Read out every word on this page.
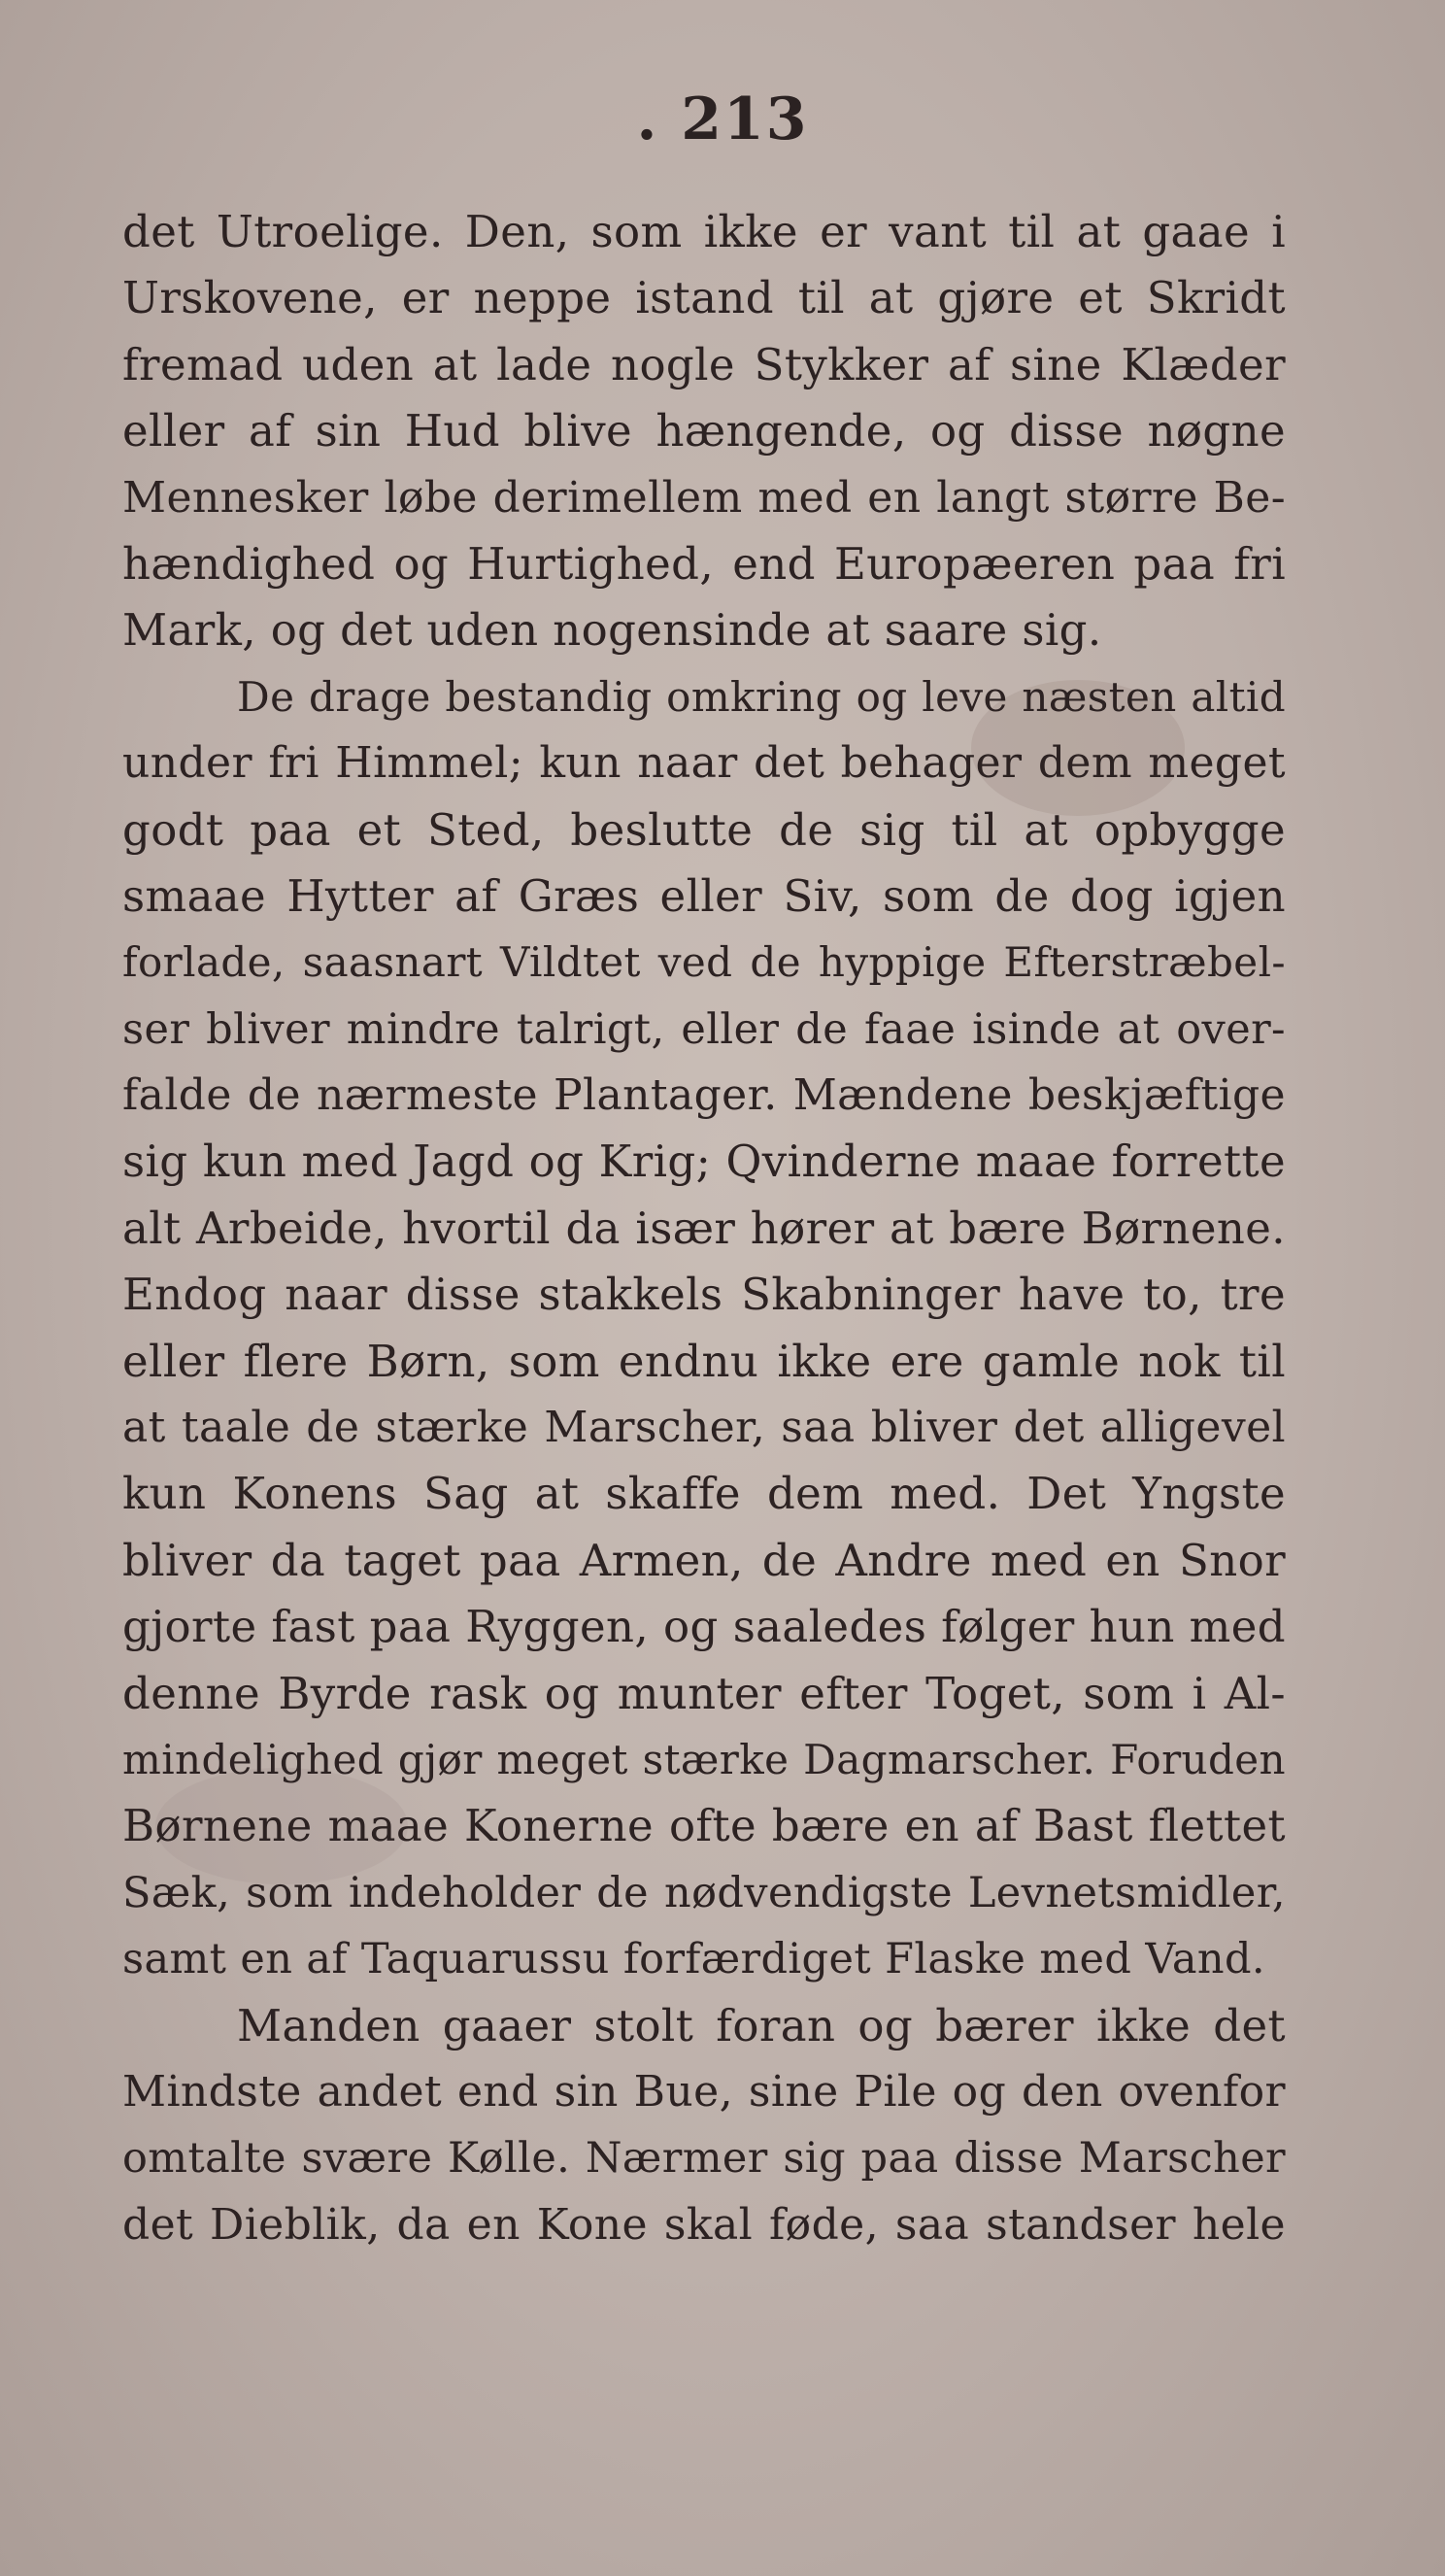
. 213
det Utroelige. Den, som ikke er vant til at gaae i
Urskovene, er neppe istand til at gjøre et Skridt
fremad uden at lade nogle Stykker af sine Klæder
eller af sin Hud blive hængende, og disse nøgne
Mennesker løbe derimellem med en langt større Be-
hændighed og Hurtighed, end Europæeren paa fri
Mark, og det uden nogensinde at saare sig.
De drage bestandig omkring og leve næsten altid
under fri Himmel; kun naar det behager dem meget
godt paa et Sted, beslutte de sig til at opbygge
smaae Hytter af Græs eller Siv, som de dog igjen
forlade, saasnart Vildtet ved de hyppige Efterstræbel-
ser bliver mindre talrigt, eller de faae isinde at over-
falde de nærmeste Plantager. Mændene beskjæftige
sig kun med Jagd og Krig; Qvinderne maae forrette
alt Arbeide, hvortil da især hører at bære Børnene.
Endog naar disse stakkels Skabninger have to, tre
eller flere Børn, som endnu ikke ere gamle nok til
at taale de stærke Marscher, saa bliver det alligevel
kun Konens Sag at skaffe dem med. Det Yngste
bliver da taget paa Armen, de Andre med en Snor
gjorte fast paa Ryggen, og saaledes følger hun med
denne Byrde rask og munter efter Toget, som i Al-
mindelighed gjør meget stærke Dagmarscher. Foruden
Børnene maae Konerne ofte bære en af Bast flettet
Sæk, som indeholder de nødvendigste Levnetsmidler,
samt en af Taquarussu forfærdiget Flaske med Vand.
Manden gaaer stolt foran og bærer ikke det
Mindste andet end sin Bue, sine Pile og den ovenfor
omtalte svære Kølle. Nærmer sig paa disse Marscher
det Dieblik, da en Kone skal føde, saa standser hele
